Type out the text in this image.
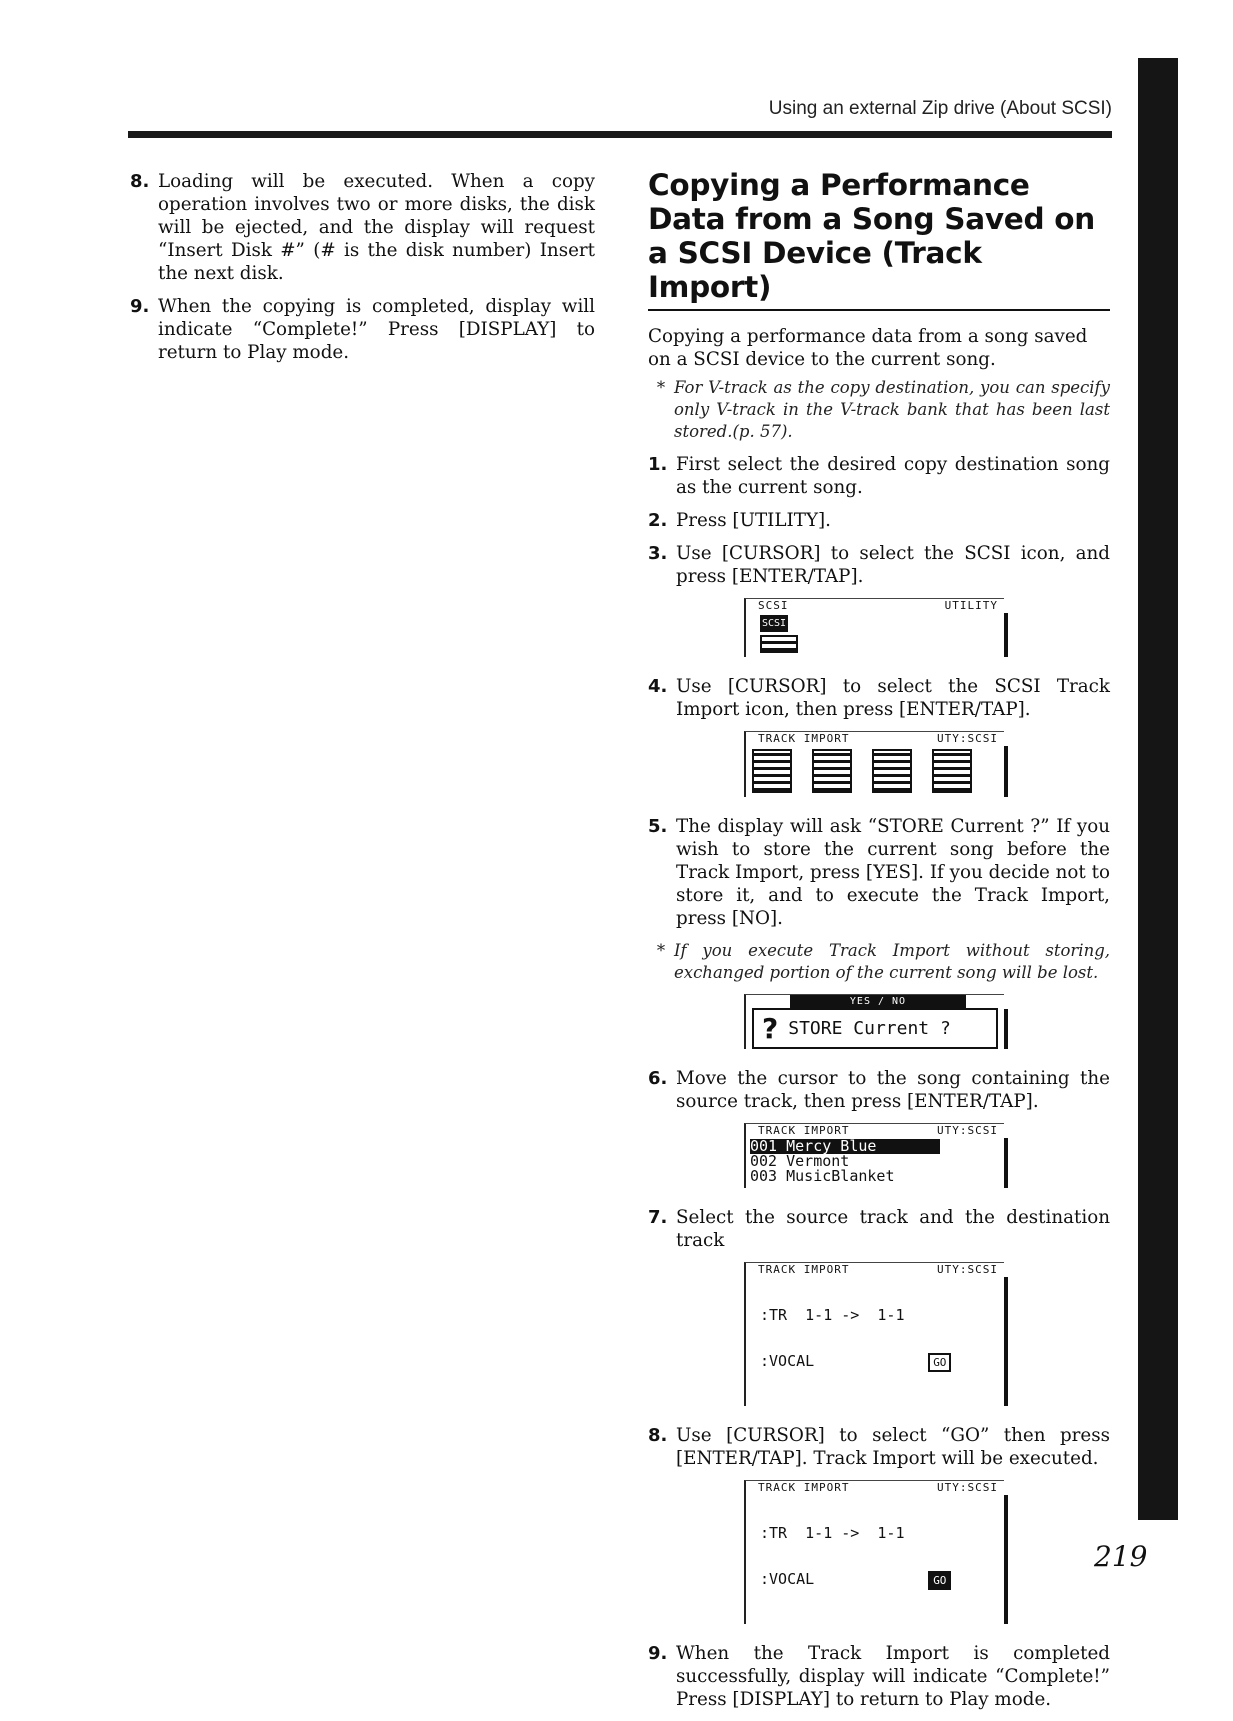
Using an external Zip drive (About SCSI)
8. Loading will be executed. When a copy operation involves two or more disks, the disk will be ejected, and the display will request “Insert Disk #” (# is the disk number) Insert the next disk.
9. When the copying is completed, display will indicate “Complete!” Press [DISPLAY] to return to Play mode.
Copying a Performance Data from a Song Saved on a SCSI Device (Track Import)

Copying a performance data from a song saved on a SCSI device to the current song.

* For V-track as the copy destination, you can specify only V-track in the V-track bank that has been last stored.(p. 57).
1. First select the desired copy destination song as the current song.
2. Press [UTILITY].
3. Use [CURSOR] to select the SCSI icon, and press [ENTER/TAP].
SCSI	UTILITY
SCSI
4. Use [CURSOR] to select the SCSI Track Import icon, then press [ENTER/TAP].
TRACK IMPORT	UTY:SCSI
5. The display will ask “STORE Current ?” If you wish to store the current song before the Track Import, press [YES]. If you decide not to store it, and to execute the Track Import, press [NO].
* If you execute Track Import without storing, exchanged portion of the current song will be lost.
YES / NO
? STORE Current ?
6. Move the cursor to the song containing the source track, then press [ENTER/TAP].
TRACK IMPORT	UTY:SCSI
001 Mercy Blue
002 Vermont
003 MusicBlanket
7. Select the source track and the destination track
TRACK IMPORT	UTY:SCSI

:TR  1-1 ->  1-1

:VOCAL	GO

8. Use [CURSOR] to select “GO” then press [ENTER/TAP]. Track Import will be executed.
TRACK IMPORT	UTY:SCSI

:TR  1-1 ->  1-1

:VOCAL	GO

9. When the Track Import is completed successfully, display will indicate “Complete!” Press [DISPLAY] to return to Play mode.
219
